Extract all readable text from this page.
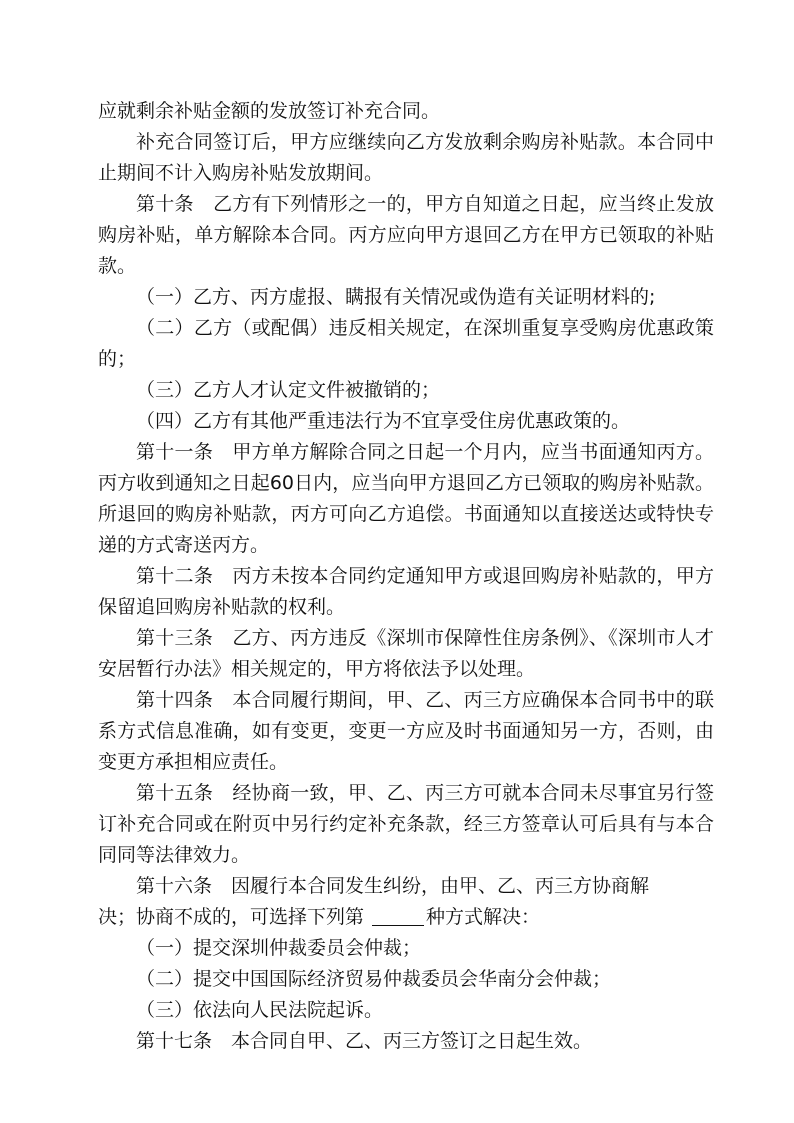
应就剩余补贴金额的发放签订补充合同。

补充合同签订后，甲方应继续向乙方发放剩余购房补贴款。本合同中止期间不计入购房补贴发放期间。

第十条　乙方有下列情形之一的，甲方自知道之日起，应当终止发放购房补贴，单方解除本合同。丙方应向甲方退回乙方在甲方已领取的补贴款。

（一）乙方、丙方虚报、瞒报有关情况或伪造有关证明材料的;

（二）乙方（或配偶）违反相关规定，在深圳重复享受购房优惠政策的；

（三）乙方人才认定文件被撤销的；

（四）乙方有其他严重违法行为不宜享受住房优惠政策的。

第十一条　甲方单方解除合同之日起一个月内，应当书面通知丙方。丙方收到通知之日起60日内，应当向甲方退回乙方已领取的购房补贴款。所退回的购房补贴款，丙方可向乙方追偿。书面通知以直接送达或特快专递的方式寄送丙方。

第十二条　丙方未按本合同约定通知甲方或退回购房补贴款的，甲方保留追回购房补贴款的权利。

第十三条　乙方、丙方违反《深圳市保障性住房条例》、《深圳市人才安居暂行办法》相关规定的，甲方将依法予以处理。

第十四条　本合同履行期间，甲、乙、丙三方应确保本合同书中的联系方式信息准确，如有变更，变更一方应及时书面通知另一方，否则，由变更方承担相应责任。

第十五条　经协商一致，甲、乙、丙三方可就本合同未尽事宜另行签订补充合同或在附页中另行约定补充条款，经三方签章认可后具有与本合同同等法律效力。

第十六条　因履行本合同发生纠纷，由甲、乙、丙三方协商解
决；协商不成的，可选择下列第	种方式解决：

（一）提交深圳仲裁委员会仲裁；

（二）提交中国国际经济贸易仲裁委员会华南分会仲裁；

（三）依法向人民法院起诉。

第十七条　本合同自甲、乙、丙三方签订之日起生效。
